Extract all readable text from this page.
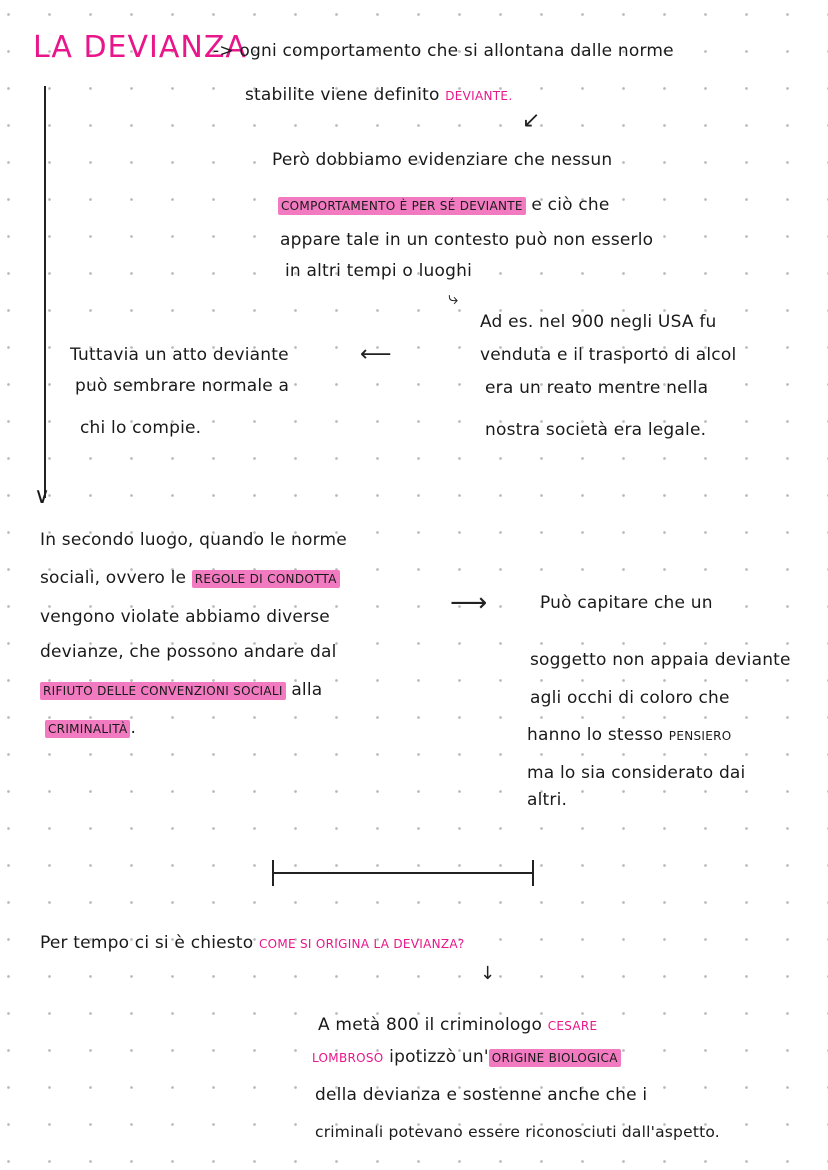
LA DEVIANZA
-> ogni comportamento che si allontana dalle norme
stabilite viene definito DEVIANTE.
↙
Però dobbiamo evidenziare che nessun
COMPORTAMENTO È PER SÉ DEVIANTE e ciò che
appare tale in un contesto può non esserlo
in altri tempi o luoghi
⤷
Ad es. nel 900 negli USA fu
venduta e il trasporto di alcol
era un reato mentre nella
nostra società era legale.
Tuttavia un atto deviante	⟵
può sembrare normale a
chi lo compie.
∨
In secondo luogo, quando le norme
sociali, ovvero le REGOLE DI CONDOTTA
vengono violate abbiamo diverse
devianze, che possono andare dal
RIFIUTO DELLE CONVENZIONI SOCIALI alla
CRIMINALITÀ .
⟶	Può capitare che un
soggetto non appaia deviante
agli occhi di coloro che
hanno lo stesso PENSIERO
ma lo sia considerato dai
altri.
Per tempo ci si è chiesto COME SI ORIGINA LA DEVIANZA?
↓
A metà 800 il criminologo CESARE
LOMBROSO ipotizzò un' ORIGINE BIOLOGICA
della devianza e sostenne anche che i
criminali potevano essere riconosciuti dall'aspetto.
